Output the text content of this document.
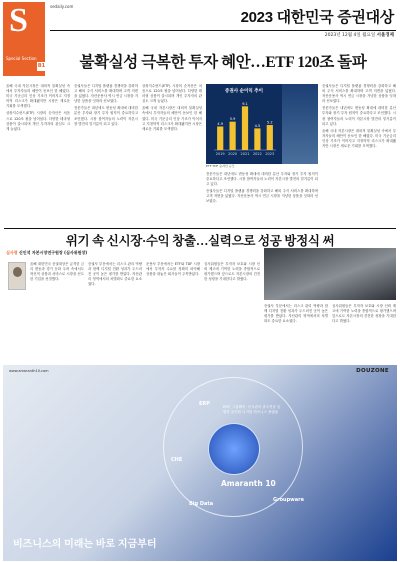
S
Special Section
B1
sedaily.com
2023 대한민국 증권대상
2023년 12월 4일 월요일 서울경제
불확실성 극복한 투자 혜안…ETF 120조 돌파

올해 국내 자본시장은 대외적 불확실성 속에서 투자자들의 혜안이 돋보인 한 해였다. 미국 기준금리 인상 기조가 이어지고 지정학적 리스크가 확대됐지만 시장은 새로운 기회를 모색했다.

상장지수펀드(ETF) 시장의 순자산은 처음으로 120조 원을 넘어섰다. 다양한 테마형 상품이 출시되며 개인 투자자의 관심도 크게 늘었다.

증권사들은 디지털 플랫폼 경쟁력을 강화하고 해외 주식 서비스를 확대하며 고객 저변을 넓혔다. 자산운용사 역시 연금 시장을 겨냥한 상품을 잇따라 선보였다.

전문가들은 내년에도 변동성 확대에 대비한 분산 투자와 장기 투자 원칙이 중요하다고 조언했다. 시장 참여자들의 노력이 자본시장 발전의 밑거름이 되고 있다.

상장지수펀드(ETF) 시장의 순자산은 처음으로 120조 원을 넘어섰다. 다양한 테마형 상품이 출시되며 개인 투자자의 관심도 크게 늘었다.

올해 국내 자본시장은 대외적 불확실성 속에서 투자자들의 혜안이 돋보인 한 해였다. 미국 기준금리 인상 기조가 이어지고 지정학적 리스크가 확대됐지만 시장은 새로운 기회를 모색했다.

전문가들은 내년에도 변동성 확대에 대비한 분산 투자와 장기 투자 원칙이 중요하다고 조언했다. 시장 참여자들의 노력이 자본시장 발전의 밑거름이 되고 있다.

증권사들은 디지털 플랫폼 경쟁력을 강화하고 해외 주식 서비스를 확대하며 고객 저변을 넓혔다. 자산운용사 역시 연금 시장을 겨냥한 상품을 잇따라 선보였다.

증권사들은 디지털 플랫폼 경쟁력을 강화하고 해외 주식 서비스를 확대하며 고객 저변을 넓혔다. 자산운용사 역시 연금 시장을 겨냥한 상품을 잇따라 선보였다.

전문가들은 내년에도 변동성 확대에 대비한 분산 투자와 장기 투자 원칙이 중요하다고 조언했다. 시장 참여자들의 노력이 자본시장 발전의 밑거름이 되고 있다.

올해 국내 자본시장은 대외적 불확실성 속에서 투자자들의 혜안이 돋보인 한 해였다. 미국 기준금리 인상 기조가 이어지고 지정학적 리스크가 확대됐지만 시장은 새로운 기회를 모색했다.

증권사 순이익 추이
4.9
2019
5.9
2020
9.1
2021
4.5
2022
5.2
2023
ETF·TDF 순자산 규모
위기 속 신시장·수익 창출…실력으로 성공 방정식 써
심사평 신인석 자본시장연구원장 (심사위원장)

올해 대한민국 증권대상은 급격한 금리 변동과 경기 둔화 우려 속에서도 혁신적 상품과 서비스로 시장을 선도한 기업을 선정했다.

증권사 부문에서는 리스크 관리 역량과 함께 디지털 전환 성과가 두드러진 곳이 높은 평가를 받았다. 자산관리 영역에서의 차별화도 중요한 요소였다.

운용사 부문에서는 ETF와 TDF 시장에서 투자자 수요를 정확히 파악해 상품을 내놓은 회사들이 주목받았다.

심사위원들은 투자자 보호와 시장 신뢰 제고에 기여한 노력을 종합적으로 평가했으며 앞으로도 자본시장의 건전한 성장을 기대한다고 밝혔다.

증권사 부문에서는 리스크 관리 역량과 함께 디지털 전환 성과가 두드러진 곳이 높은 평가를 받았다. 자산관리 영역에서의 차별화도 중요한 요소였다.

심사위원들은 투자자 보호와 시장 신뢰 제고에 기여한 노력을 종합적으로 평가했으며 앞으로도 자본시장의 건전한 성장을 기대한다고 밝혔다.

www.amaranth10.com	DOUZONE
ERP
CHE
Groupware
Big Data
ERP, 그룹웨어, 문서관리 솔루션을 통합한 올인원 디지털 비즈니스 플랫폼
Amaranth 10
비즈니스의 미래는 바로 지금부터
